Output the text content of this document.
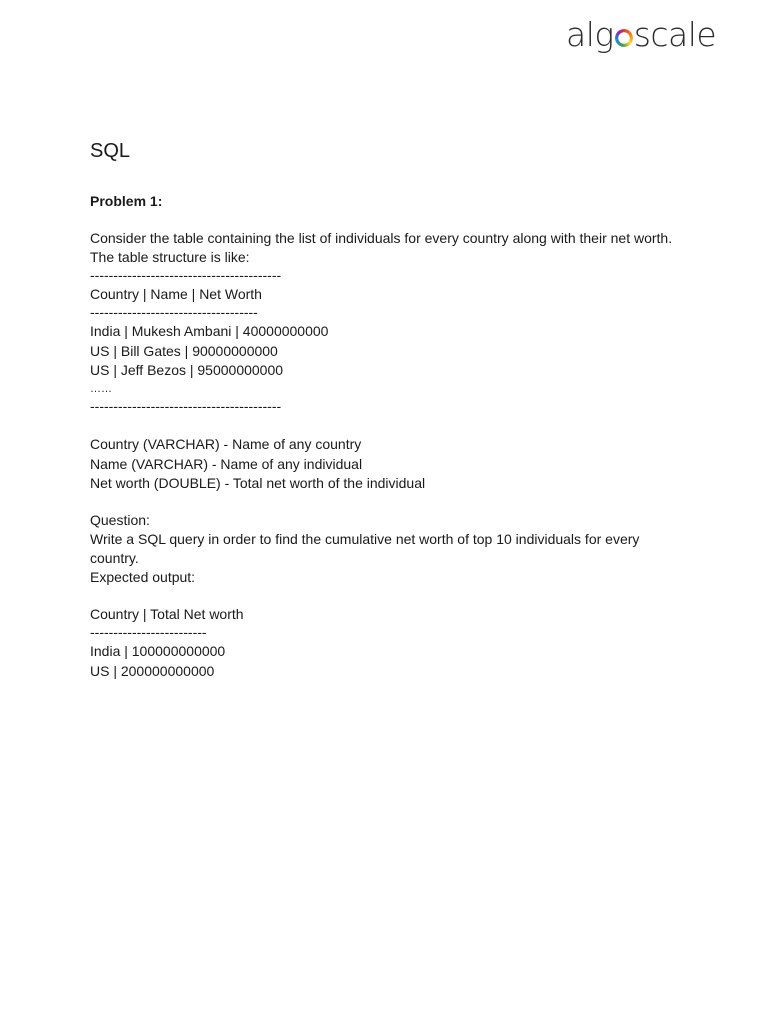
alg scale
SQL
Problem 1:
Consider the table containing the list of individuals for every country along with their net worth.
The table structure is like:
-----------------------------------------
Country | Name | Net Worth
------------------------------------
India | Mukesh Ambani | 40000000000
US | Bill Gates | 90000000000
US | Jeff Bezos | 95000000000
……
-----------------------------------------
Country (VARCHAR) - Name of any country
Name (VARCHAR) - Name of any individual
Net worth (DOUBLE) - Total net worth of the individual
Question:
Write a SQL query in order to find the cumulative net worth of top 10 individuals for every
country.
Expected output:
Country | Total Net worth
-------------------------
India | 100000000000
US | 200000000000
